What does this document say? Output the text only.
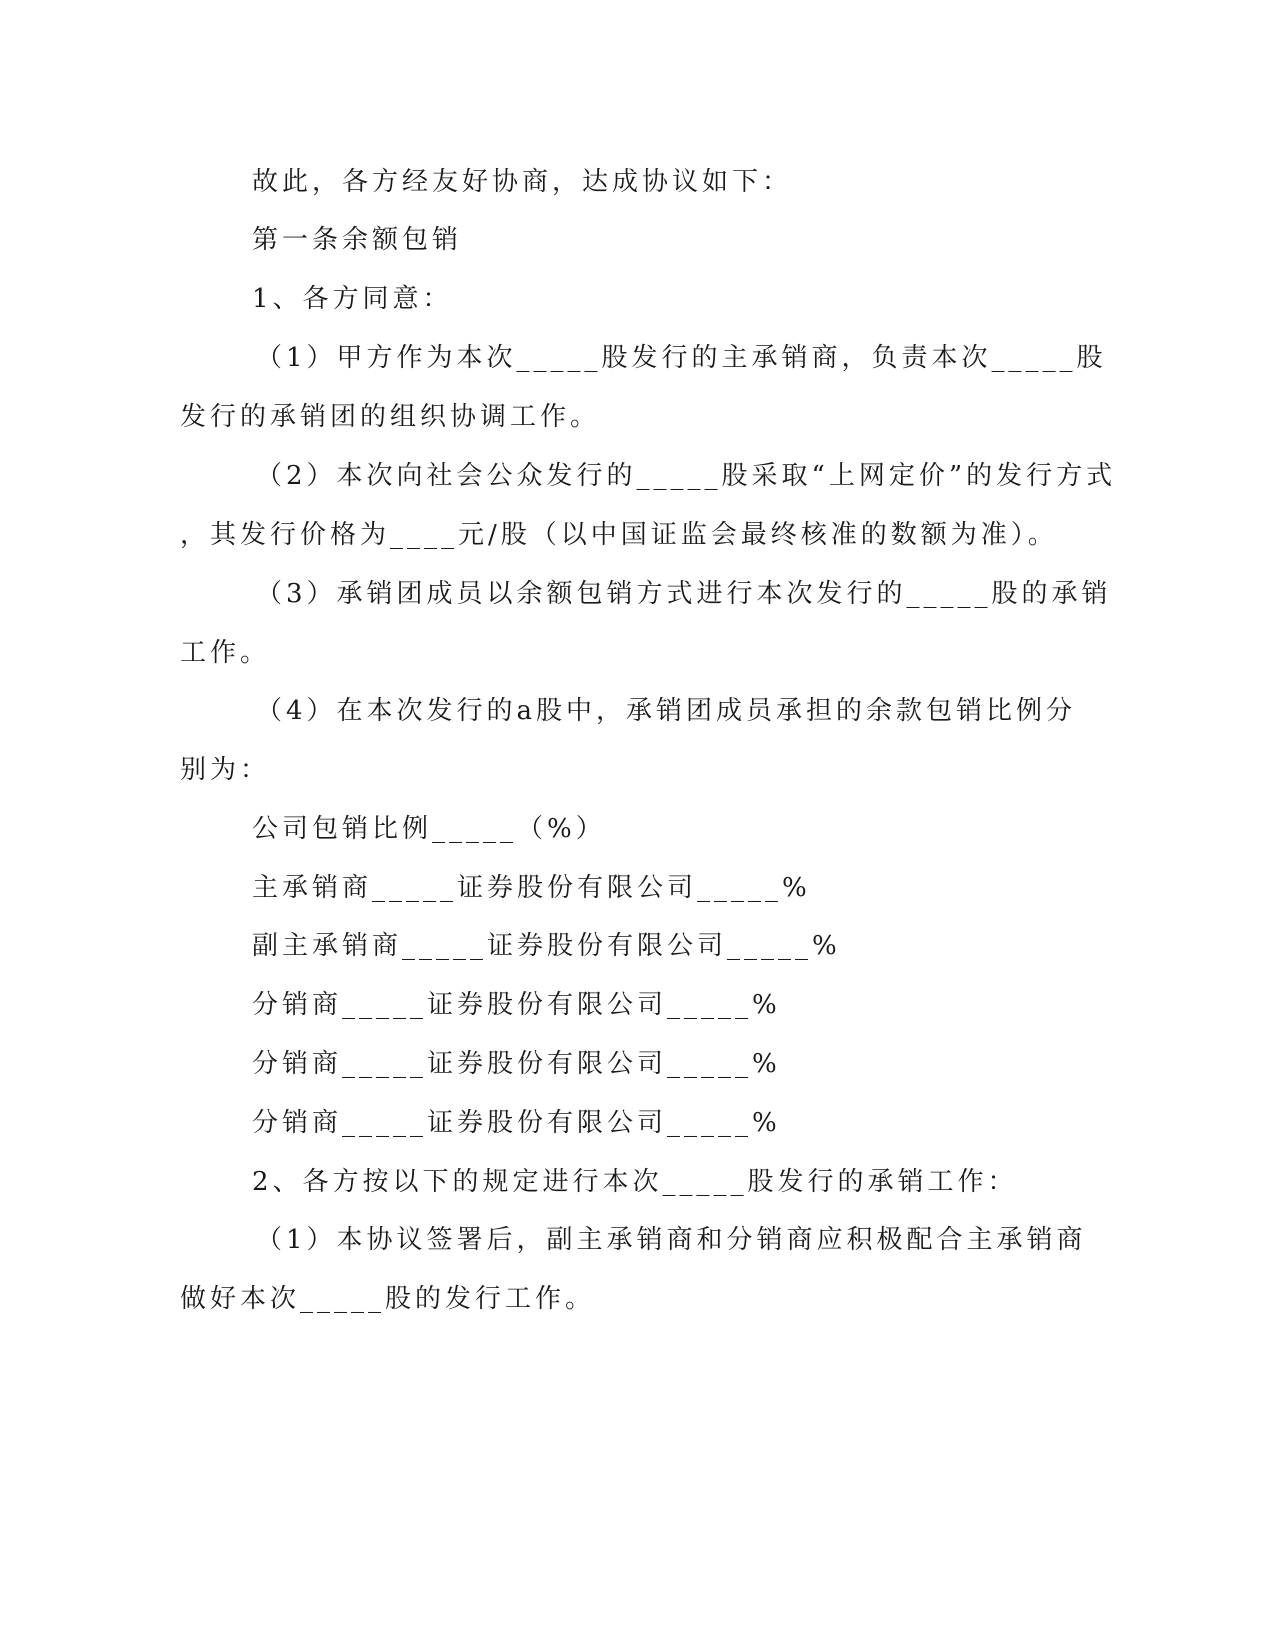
故此，各方经友好协商，达成协议如下：
第一条余额包销
1、各方同意：
（1）甲方作为本次_____股发行的主承销商，负责本次_____股
发行的承销团的组织协调工作。
（2）本次向社会公众发行的_____股采取“上网定价”的发行方式
，其发行价格为____元/股（以中国证监会最终核准的数额为准）。
（3）承销团成员以余额包销方式进行本次发行的_____股的承销
工作。
（4）在本次发行的a股中，承销团成员承担的余款包销比例分
别为：
公司包销比例_____（%）
主承销商_____证券股份有限公司_____%
副主承销商_____证券股份有限公司_____%
分销商_____证券股份有限公司_____%
分销商_____证券股份有限公司_____%
分销商_____证券股份有限公司_____%
2、各方按以下的规定进行本次_____股发行的承销工作：
（1）本协议签署后，副主承销商和分销商应积极配合主承销商
做好本次_____股的发行工作。
